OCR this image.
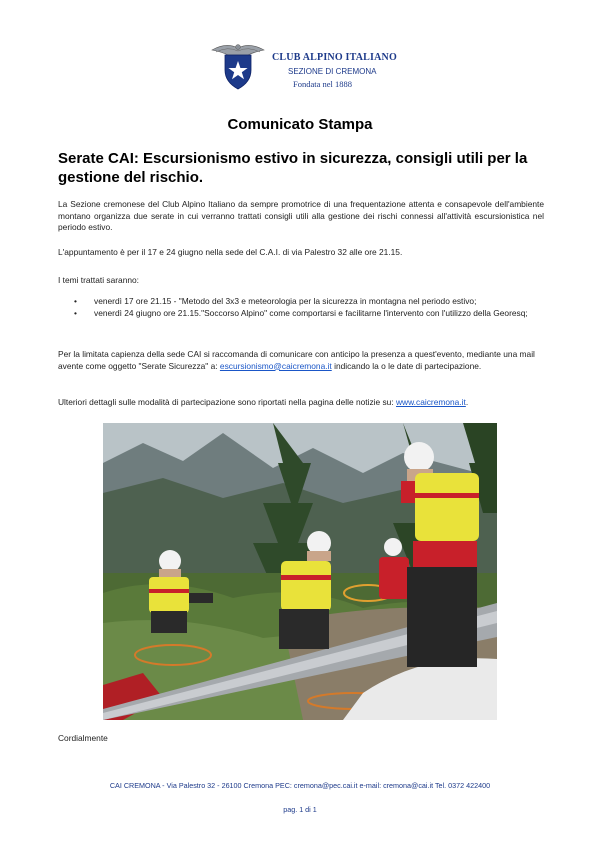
CLUB ALPINO ITALIANO
SEZIONE DI CREMONA
Fondata nel 1888
Comunicato Stampa
Serate CAI: Escursionismo estivo in sicurezza, consigli utili per la gestione del rischio.

La Sezione cremonese del Club Alpino Italiano da sempre promotrice di una frequentazione attenta e consapevole dell'ambiente montano organizza due serate in cui verranno trattati consigli utili alla gestione dei rischi connessi all'attività escursionistica nel periodo estivo.

L'appuntamento è per il 17 e 24 giugno nella sede del C.A.I. di via Palestro 32 alle ore 21.15.

I temi trattati saranno:

• venerdì 17 ore 21.15 - "Metodo del 3x3 e meteorologia per la sicurezza in montagna nel periodo estivo;
• venerdì 24 giugno ore 21.15."Soccorso Alpino" come comportarsi e facilitarne l'intervento con l'utilizzo della Georesq;

Per la limitata capienza della sede CAI si raccomanda di comunicare con anticipo la presenza a quest'evento, mediante una mail avente come oggetto "Serate Sicurezza" a: escursionismo@caicremona.it indicando la o le date di partecipazione.

Ulteriori dettagli sulle modalità di partecipazione sono riportati nella pagina delle notizie su: www.caicremona.it.

Cordialmente

CAI CREMONA - Via Palestro 32 - 26100 Cremona PEC: cremona@pec.cai.it e-mail: cremona@cai.it Tel. 0372 422400
pag. 1 di 1
